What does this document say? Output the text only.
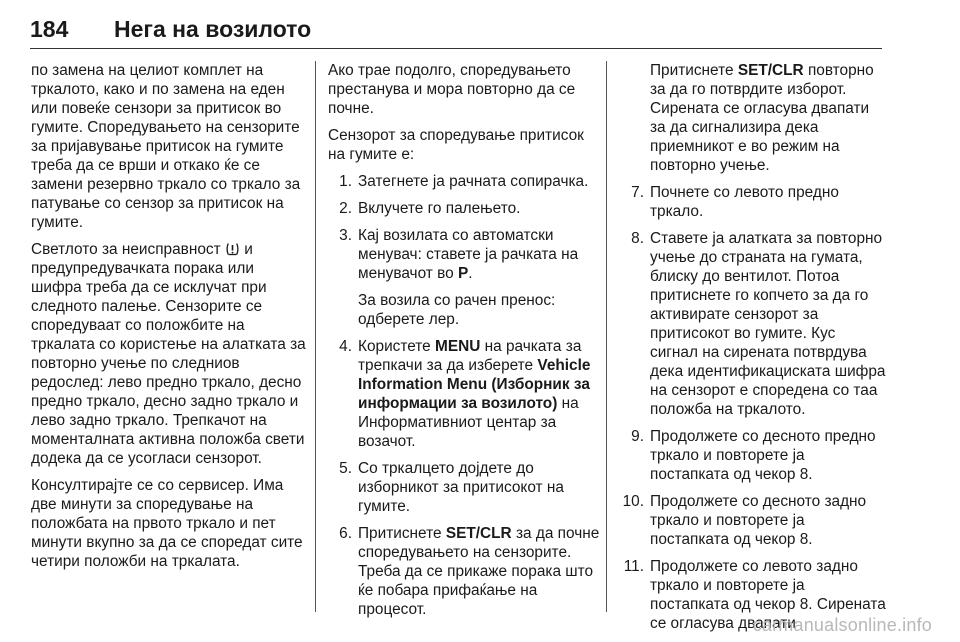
184 Нега на возилото

по замена на целиот комплет на тркалото, како и по замена на еден или повеќе сензори за притисок во гумите. Споредувањето на сензорите за пријавување притисок на гумите треба да се врши и откако ќе се замени резервно тркало со тркало за патување со сензор за притисок на гумите.

Светлото за неисправност  и предупредувачката порака или шифра треба да се исклучат при следното палење. Сензорите се споредуваат со положбите на тркалата со користење на алатката за повторно учење по следниов редослед: лево предно тркало, десно предно тркало, десно задно тркало и лево задно тркало. Трепкачот на моменталната активна положба свети додека да се усогласи сензорот.

Консултирајте се со сервисер. Има две минути за споредување на положбата на првото тркало и пет минути вкупно за да се споредат сите четири положби на тркалата.

Ако трае подолго, споредувањето престанува и мора повторно да се почне.

Сензорот за споредување притисок на гумите е:

1. Затегнете ја рачната сопирачка.
2. Вклучете го палењето.
3. Кај возилата со автоматски менувач: ставете ја рачката на менувачот во P.
За возила со рачен пренос: одберете лер.
4. Користете MENU на рачката за трепкачи за да изберете Vehicle Information Menu (Изборник за информации за возилото) на Информативниот центар за возачот.
5. Со тркалцето дојдете до изборникот за притисокот на гумите.
6. Притиснете SET/CLR за да почне споредувањето на сензорите. Треба да се прикаже порака што ќе побара прифаќање на процесот.
Притиснете SET/CLR повторно за да го потврдите изборот. Сирената се огласува двапати за да сигнализира дека приемникот е во режим на повторно учење.
7. Почнете со левото предно тркало.
8. Ставете ја алатката за повторно учење до страната на гумата, блиску до вентилот. Потоа притиснете го копчето за да го активирате сензорот за притисокот во гумите. Кус сигнал на сирената потврдува дека идентификациската шифра на сензорот е споредена со таа положба на тркалото.
9. Продолжете со десното предно тркало и повторете ја постапката од чекор 8.
10. Продолжете со десното задно тркало и повторете ја постапката од чекор 8.
11. Продолжете со левото задно тркало и повторете ја постапката од чекор 8. Сирената се огласува двапати
carmanualsonline.info
